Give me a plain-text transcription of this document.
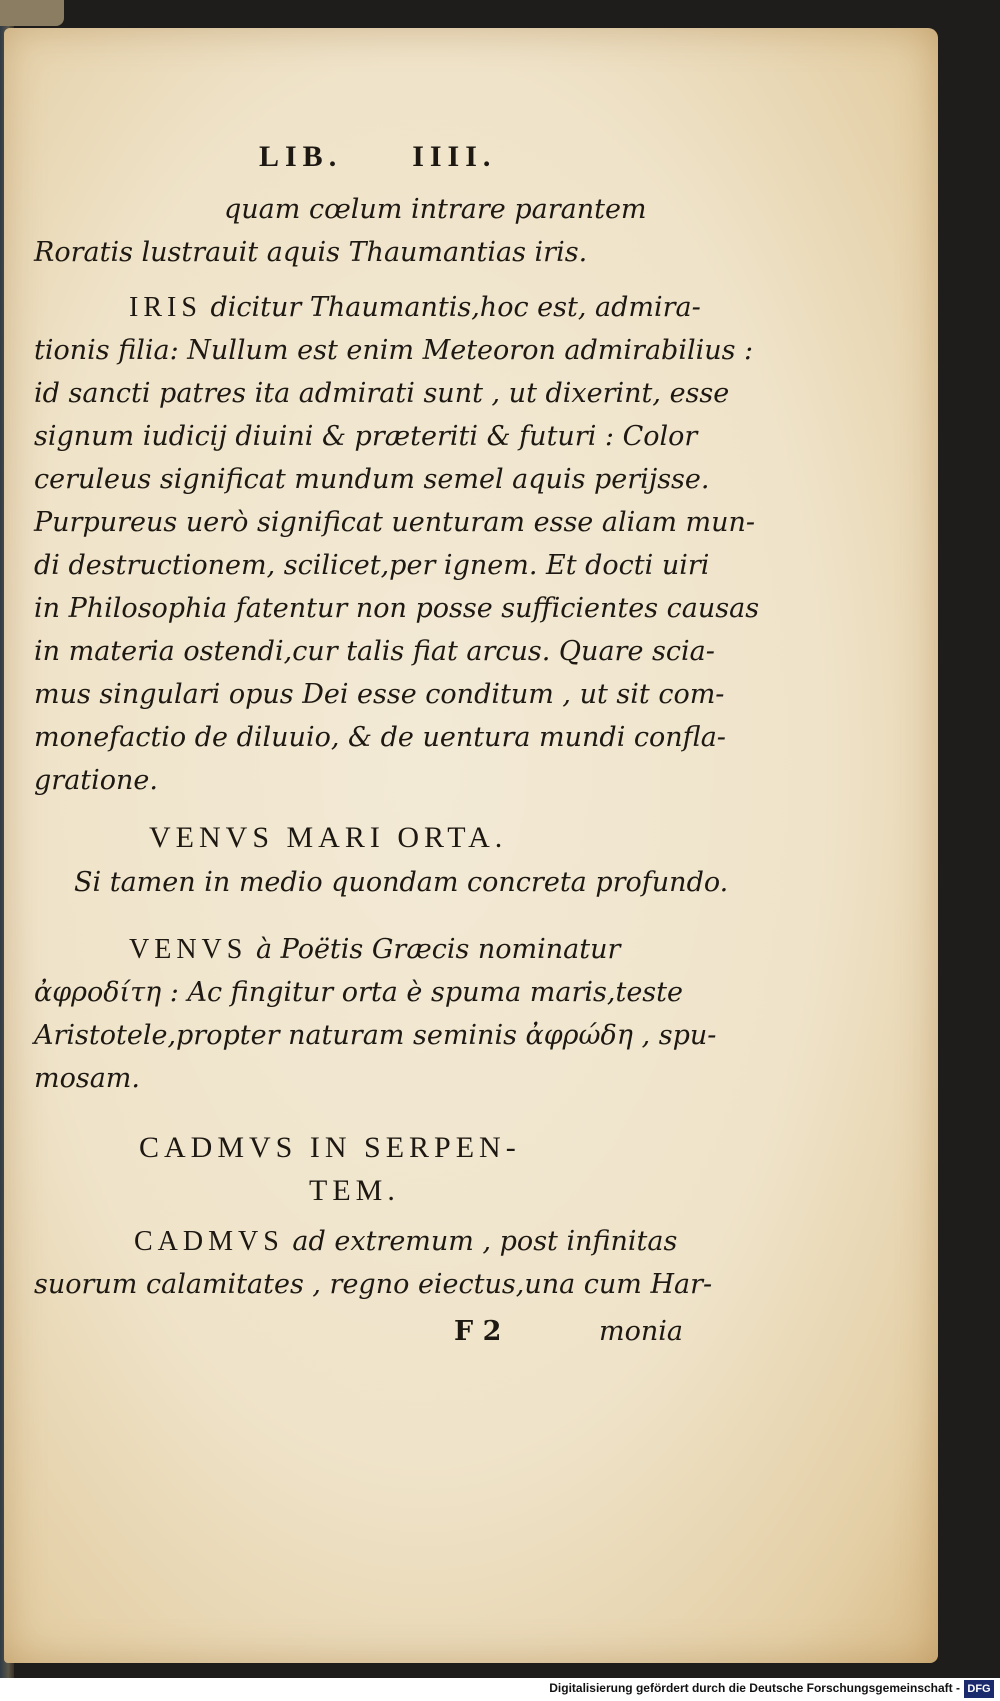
LIB. IIII.
quam cœlum intrare parantem
Roratis lustrauit aquis Thaumantias iris.
IRIS dicitur Thaumantis,hoc est, admira-
tionis filia: Nullum est enim Meteoron admirabilius :
id sancti patres ita admirati sunt , ut dixerint, esse
signum iudicij diuini & præteriti & futuri : Color
ceruleus significat mundum semel aquis perijsse.
Purpureus uerò significat uenturam esse aliam mun-
di destructionem, scilicet,per ignem. Et docti uiri
in Philosophia fatentur non posse sufficientes causas
in materia ostendi,cur talis fiat arcus. Quare scia-
mus singulari opus Dei esse conditum , ut sit com-
monefactio de diluuio, & de uentura mundi confla-
gratione.
VENVS MARI ORTA.
Si tamen in medio quondam concreta profundo.
VENVS à Poëtis Græcis nominatur
ἀφροδίτη : Ac fingitur orta è spuma maris,teste
Aristotele,propter naturam seminis ἀφρώδη , spu-
mosam.
CADMVS IN SERPEN-
TEM.
CADMVS ad extremum , post infinitas
suorum calamitates , regno eiectus,una cum Har-
F 2	monia
Digitalisierung gefördert durch die Deutsche Forschungsgemeinschaft - DFG
